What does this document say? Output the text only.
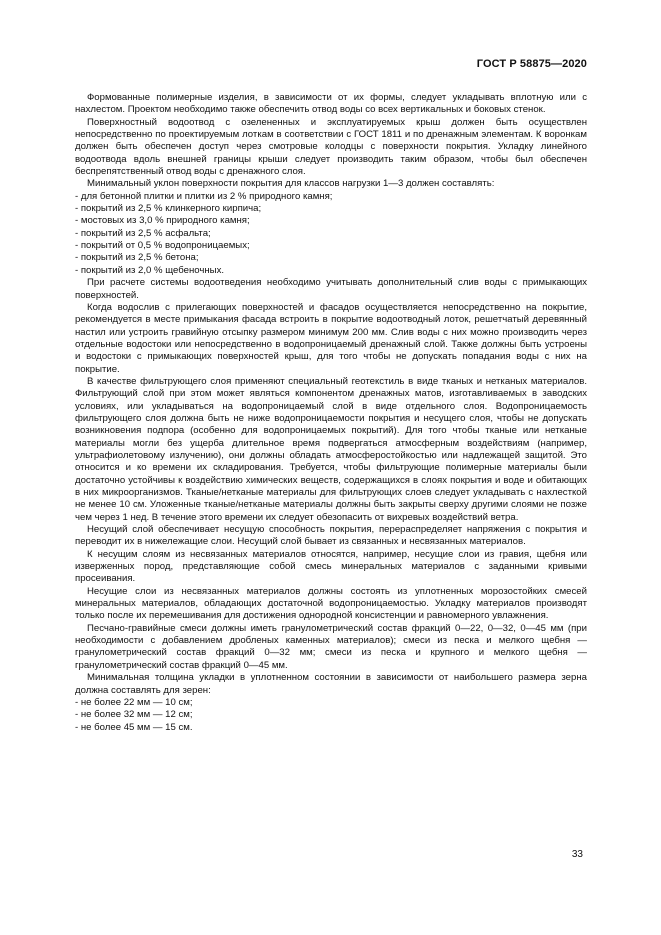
ГОСТ Р 58875—2020

Формованные полимерные изделия, в зависимости от их формы, следует укладывать вплотную или с нахлестом. Проектом необходимо также обеспечить отвод воды со всех вертикальных и боковых стенок.

Поверхностный водоотвод с озелененных и эксплуатируемых крыш должен быть осуществлен непосредственно по проектируемым лоткам в соответствии с ГОСТ 1811 и по дренажным элементам. К воронкам должен быть обеспечен доступ через смотровые колодцы с поверхности покрытия. Укладку линейного водоотвода вдоль внешней границы крыши следует производить таким образом, чтобы был обеспечен беспрепятственный отвод воды с дренажного слоя.

Минимальный уклон поверхности покрытия для классов нагрузки 1—3 должен составлять:

- для бетонной плитки и плитки из 2 % природного камня;
- покрытий из 2,5 % клинкерного кирпича;
- мостовых из 3,0 % природного камня;
- покрытий из 2,5 % асфальта;
- покрытий от 0,5 % водопроницаемых;
- покрытий из 2,5 % бетона;
- покрытий из 2,0 % щебеночных.

При расчете системы водоотведения необходимо учитывать дополнительный слив воды с примыкающих поверхностей.

Когда водослив с прилегающих поверхностей и фасадов осуществляется непосредственно на покрытие, рекомендуется в месте примыкания фасада встроить в покрытие водоотводный лоток, решетчатый деревянный настил или устроить гравийную отсыпку размером минимум 200 мм. Слив воды с них можно производить через отдельные водостоки или непосредственно в водопроницаемый дренажный слой. Также должны быть устроены и водостоки с примыкающих поверхностей крыш, для того чтобы не допускать попадания воды с них на покрытие.

В качестве фильтрующего слоя применяют специальный геотекстиль в виде тканых и нетканых материалов. Фильтрующий слой при этом может являться компонентом дренажных матов, изготавливаемых в заводских условиях, или укладываться на водопроницаемый слой в виде отдельного слоя. Водопроницаемость фильтрующего слоя должна быть не ниже водопроницаемости покрытия и несущего слоя, чтобы не допускать возникновения подпора (особенно для водопроницаемых покрытий). Для того чтобы тканые или нетканые материалы могли без ущерба длительное время подвергаться атмосферным воздействиям (например, ультрафиолетовому излучению), они должны обладать атмосферостойкостью или надлежащей защитой. Это относится и ко времени их складирования. Требуется, чтобы фильтрующие полимерные материалы были достаточно устойчивы к воздействию химических веществ, содержащихся в слоях покрытия и воде и обитающих в них микроорганизмов. Тканые/нетканые материалы для фильтрующих слоев следует укладывать с нахлесткой не менее 10 см. Уложенные тканые/нетканые материалы должны быть закрыты сверху другими слоями не позже чем через 1 нед. В течение этого времени их следует обезопасить от вихревых воздействий ветра.

Несущий слой обеспечивает несущую способность покрытия, перераспределяет напряжения с покрытия и переводит их в нижележащие слои. Несущий слой бывает из связанных и несвязанных материалов.

К несущим слоям из несвязанных материалов относятся, например, несущие слои из гравия, щебня или изверженных пород, представляющие собой смесь минеральных материалов с заданными кривыми просеивания.

Несущие слои из несвязанных материалов должны состоять из уплотненных морозостойких смесей минеральных материалов, обладающих достаточной водопроницаемостью. Укладку материалов производят только после их перемешивания для достижения однородной консистенции и равномерного увлажнения.

Песчано-гравийные смеси должны иметь гранулометрический состав фракций 0—22, 0—32, 0—45 мм (при необходимости с добавлением дробленых каменных материалов); смеси из песка и мелкого щебня — гранулометрический состав фракций 0—32 мм; смеси из песка и крупного и мелкого щебня — гранулометрический состав фракций 0—45 мм.

Минимальная толщина укладки в уплотненном состоянии в зависимости от наибольшего размера зерна должна составлять для зерен:

- не более 22 мм — 10 см;
- не более 32 мм — 12 см;
- не более 45 мм — 15 см.
33
